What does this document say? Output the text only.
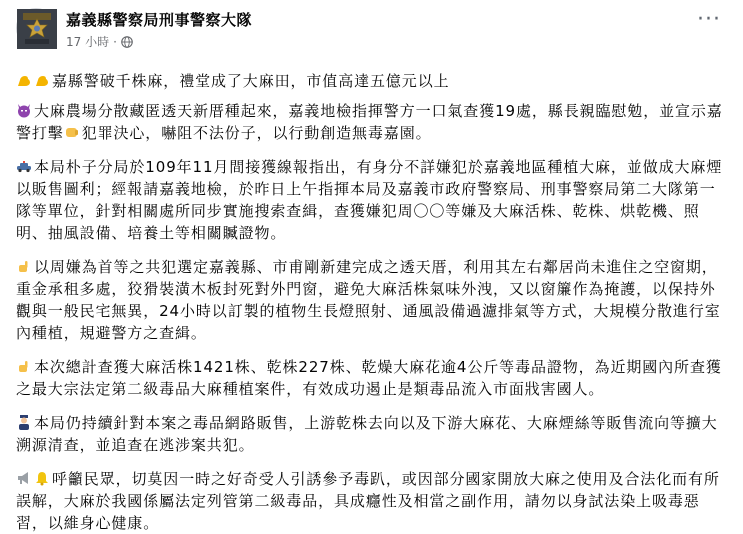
嘉義縣警察局刑事警察大隊
17 小時 ·
···

嘉縣警破千株麻，禮堂成了大麻田，市值高達五億元以上

大麻農場分散藏匿透天新厝種起來，嘉義地檢指揮警方一口氣查獲19處，縣長親臨慰勉，並宣示嘉警打擊 犯罪決心，嚇阻不法份子，以行動創造無毒嘉園。

本局朴子分局於109年11月間接獲線報指出，有身分不詳嫌犯於嘉義地區種植大麻，並做成大麻煙以販售圖利；經報請嘉義地檢，於昨日上午指揮本局及嘉義市政府警察局、刑事警察局第二大隊第一隊等單位，針對相關處所同步實施搜索查緝，查獲嫌犯周〇〇等嫌及大麻活株、乾株、烘乾機、照明、抽風設備、培養土等相關贓證物。

以周嫌為首等之共犯選定嘉義縣、市甫剛新建完成之透天厝，利用其左右鄰居尚未進住之空窗期，重金承租多處，狡猾裝潢木板封死對外門窗，避免大麻活株氣味外洩，又以窗簾作為掩護，以保持外觀與一般民宅無異，24小時以訂製的植物生長燈照射、通風設備過濾排氣等方式，大規模分散進行室內種植，規避警方之查緝。

本次總計查獲大麻活株1421株、乾株227株、乾燥大麻花逾4公斤等毒品證物，為近期國內所查獲之最大宗法定第二級毒品大麻種植案件，有效成功遏止是類毒品流入市面戕害國人。

本局仍持續針對本案之毒品網路販售，上游乾株去向以及下游大麻花、大麻煙絲等販售流向等擴大溯源清查，並追查在逃涉案共犯。

呼籲民眾，切莫因一時之好奇受人引誘參予毒趴，或因部分國家開放大麻之使用及合法化而有所誤解，大麻於我國係屬法定列管第二級毒品，具成癮性及相當之副作用，請勿以身試法染上吸毒惡習，以維身心健康。
